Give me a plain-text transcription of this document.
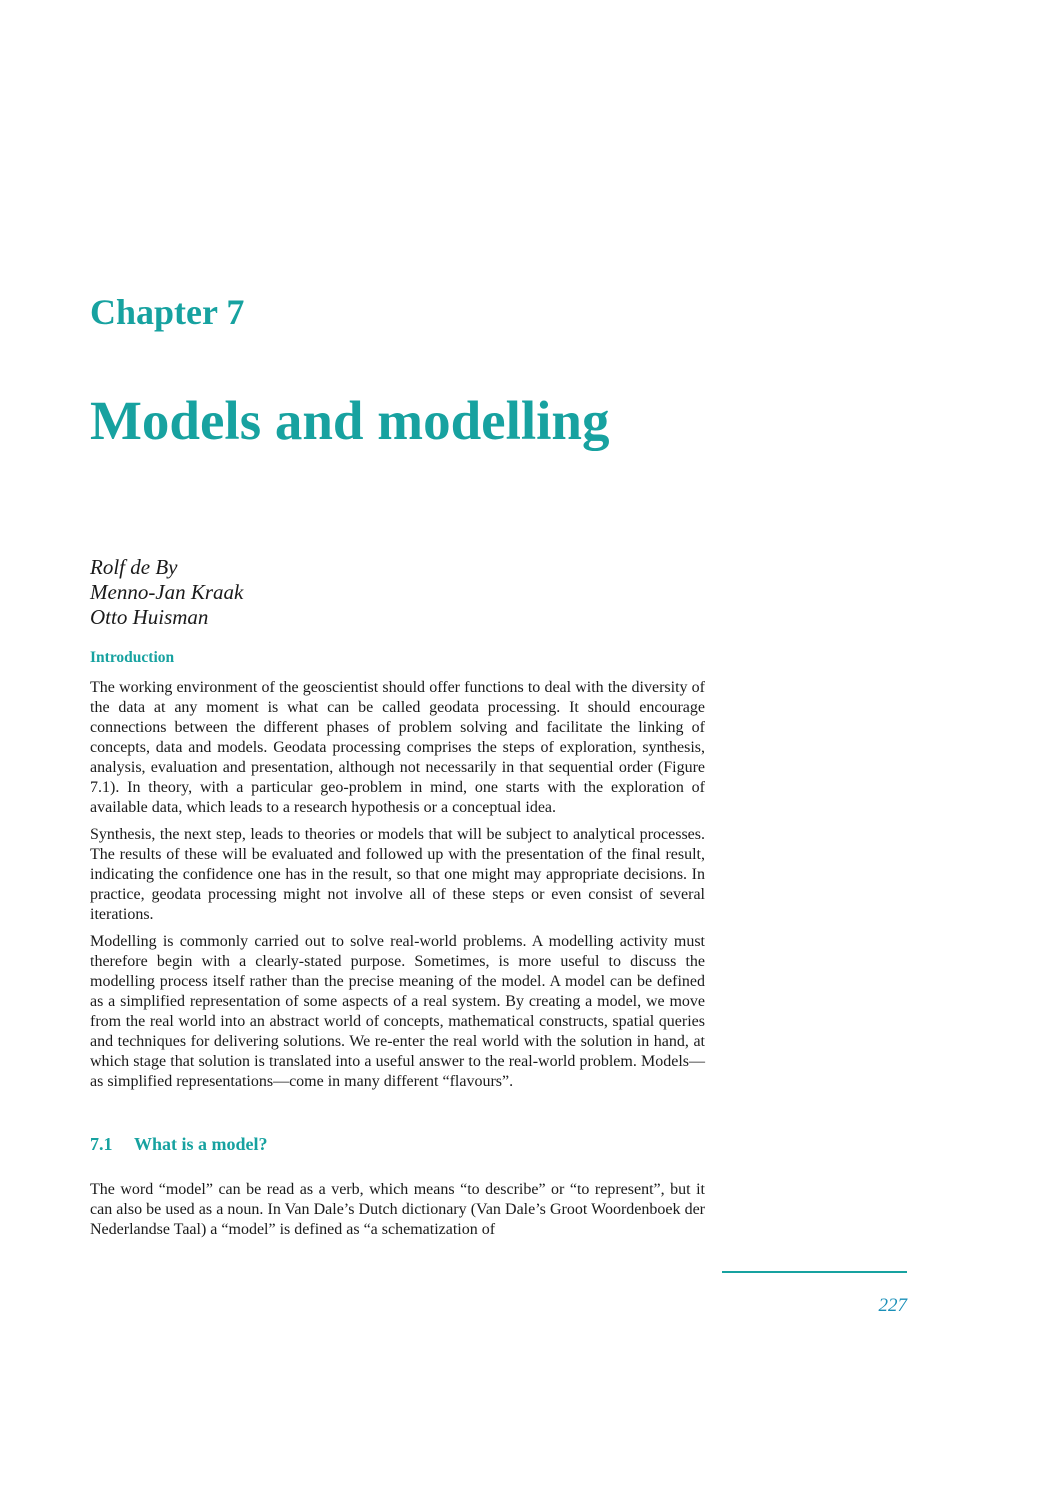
Chapter 7
Models and modelling
Rolf de By
Menno-Jan Kraak
Otto Huisman
Introduction

The working environment of the geoscientist should offer functions to deal with the diversity of the data at any moment is what can be called geodata processing. It should encourage connections between the different phases of problem solving and facilitate the linking of concepts, data and models. Geodata processing comprises the steps of exploration, synthesis, analysis, evaluation and presentation, although not necessarily in that sequential order (Figure 7.1). In theory, with a particular geo-problem in mind, one starts with the exploration of available data, which leads to a research hypothesis or a conceptual idea.

Synthesis, the next step, leads to theories or models that will be subject to analytical processes. The results of these will be evaluated and followed up with the presentation of the final result, indicating the confidence one has in the result, so that one might may appropriate decisions. In practice, geodata processing might not involve all of these steps or even consist of several iterations.

Modelling is commonly carried out to solve real-world problems. A modelling activity must therefore begin with a clearly-stated purpose. Sometimes, is more useful to discuss the modelling process itself rather than the precise meaning of the model. A model can be defined as a simplified representation of some aspects of a real system. By creating a model, we move from the real world into an abstract world of concepts, mathematical constructs, spatial queries and techniques for delivering solutions. We re-enter the real world with the solution in hand, at which stage that solution is translated into a useful answer to the real-world problem. Models—as simplified representations—come in many different “flavours”.

7.1 What is a model?

The word “model” can be read as a verb, which means “to describe” or “to represent”, but it can also be used as a noun. In Van Dale’s Dutch dictionary (Van Dale’s Groot Woordenboek der Nederlandse Taal) a “model” is defined as “a schematization of

227
